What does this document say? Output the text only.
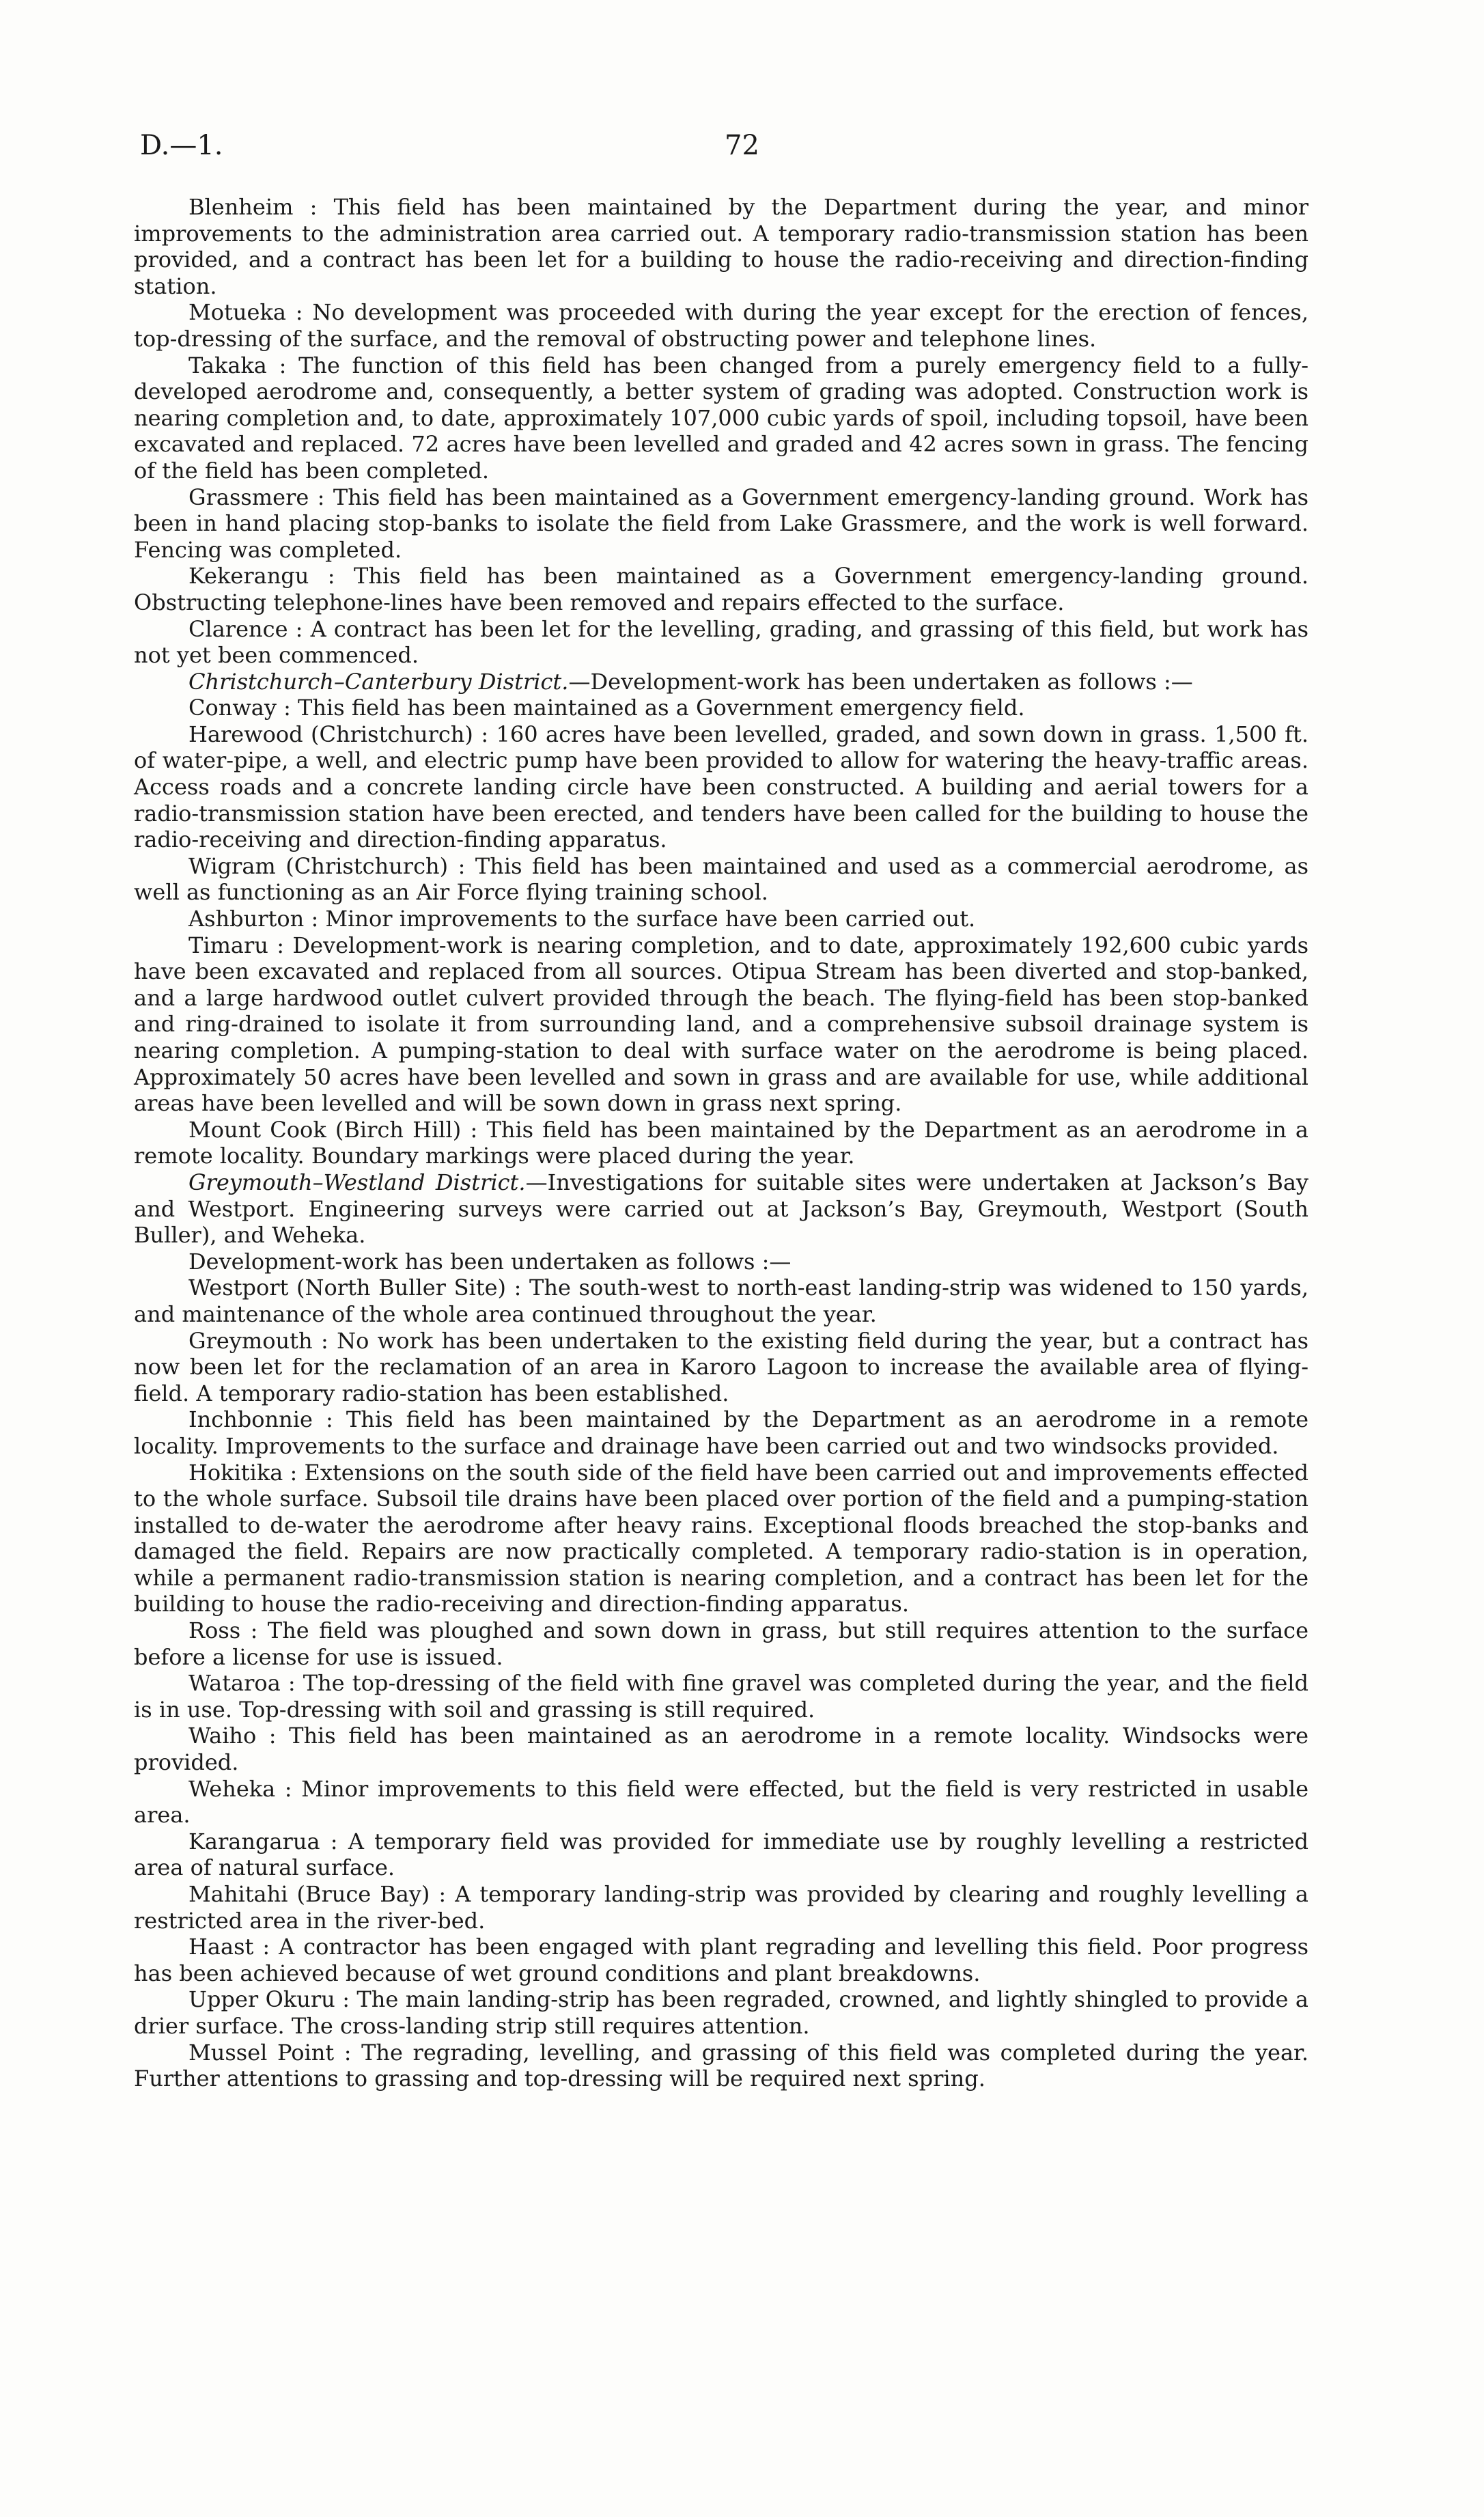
D.—1.	72

Blenheim : This field has been maintained by the Department during the year, and minor improvements to the administration area carried out. A temporary radio-transmission station has been provided, and a contract has been let for a building to house the radio-receiving and direction-finding station.

Motueka : No development was proceeded with during the year except for the erection of fences, top-dressing of the surface, and the removal of obstructing power and telephone lines.

Takaka : The function of this field has been changed from a purely emergency field to a fully-developed aerodrome and, consequently, a better system of grading was adopted. Construction work is nearing completion and, to date, approximately 107,000 cubic yards of spoil, including topsoil, have been excavated and replaced. 72 acres have been levelled and graded and 42 acres sown in grass. The fencing of the field has been completed.

Grassmere : This field has been maintained as a Government emergency-landing ground. Work has been in hand placing stop-banks to isolate the field from Lake Grassmere, and the work is well forward. Fencing was completed.

Kekerangu : This field has been maintained as a Government emergency-landing ground. Obstructing telephone-lines have been removed and repairs effected to the surface.

Clarence : A contract has been let for the levelling, grading, and grassing of this field, but work has not yet been commenced.

Christchurch–Canterbury District.—Development-work has been undertaken as follows :—

Conway : This field has been maintained as a Government emergency field.

Harewood (Christchurch) : 160 acres have been levelled, graded, and sown down in grass. 1,500 ft. of water-pipe, a well, and electric pump have been provided to allow for watering the heavy-traffic areas. Access roads and a concrete landing circle have been constructed. A building and aerial towers for a radio-transmission station have been erected, and tenders have been called for the building to house the radio-receiving and direction-finding apparatus.

Wigram (Christchurch) : This field has been maintained and used as a commercial aerodrome, as well as functioning as an Air Force flying training school.

Ashburton : Minor improvements to the surface have been carried out.

Timaru : Development-work is nearing completion, and to date, approximately 192,600 cubic yards have been excavated and replaced from all sources. Otipua Stream has been diverted and stop-banked, and a large hardwood outlet culvert provided through the beach. The flying-field has been stop-banked and ring-drained to isolate it from surrounding land, and a comprehensive subsoil drainage system is nearing completion. A pumping-station to deal with surface water on the aerodrome is being placed. Approximately 50 acres have been levelled and sown in grass and are available for use, while additional areas have been levelled and will be sown down in grass next spring.

Mount Cook (Birch Hill) : This field has been maintained by the Department as an aerodrome in a remote locality. Boundary markings were placed during the year.

Greymouth–Westland District.—Investigations for suitable sites were undertaken at Jackson’s Bay and Westport. Engineering surveys were carried out at Jackson’s Bay, Greymouth, Westport (South Buller), and Weheka.

Development-work has been undertaken as follows :—

Westport (North Buller Site) : The south-west to north-east landing-strip was widened to 150 yards, and maintenance of the whole area continued throughout the year.

Greymouth : No work has been undertaken to the existing field during the year, but a contract has now been let for the reclamation of an area in Karoro Lagoon to increase the available area of flying-field. A temporary radio-station has been established.

Inchbonnie : This field has been maintained by the Department as an aerodrome in a remote locality. Improvements to the surface and drainage have been carried out and two windsocks provided.

Hokitika : Extensions on the south side of the field have been carried out and improvements effected to the whole surface. Subsoil tile drains have been placed over portion of the field and a pumping-station installed to de-water the aerodrome after heavy rains. Exceptional floods breached the stop-banks and damaged the field. Repairs are now practically completed. A temporary radio-station is in operation, while a permanent radio-transmission station is nearing completion, and a contract has been let for the building to house the radio-receiving and direction-finding apparatus.

Ross : The field was ploughed and sown down in grass, but still requires attention to the surface before a license for use is issued.

Wataroa : The top-dressing of the field with fine gravel was completed during the year, and the field is in use. Top-dressing with soil and grassing is still required.

Waiho : This field has been maintained as an aerodrome in a remote locality. Windsocks were provided.

Weheka : Minor improvements to this field were effected, but the field is very restricted in usable area.

Karangarua : A temporary field was provided for immediate use by roughly levelling a restricted area of natural surface.

Mahitahi (Bruce Bay) : A temporary landing-strip was provided by clearing and roughly levelling a restricted area in the river-bed.

Haast : A contractor has been engaged with plant regrading and levelling this field. Poor progress has been achieved because of wet ground conditions and plant breakdowns.

Upper Okuru : The main landing-strip has been regraded, crowned, and lightly shingled to provide a drier surface. The cross-landing strip still requires attention.

Mussel Point : The regrading, levelling, and grassing of this field was completed during the year. Further attentions to grassing and top-dressing will be required next spring.
